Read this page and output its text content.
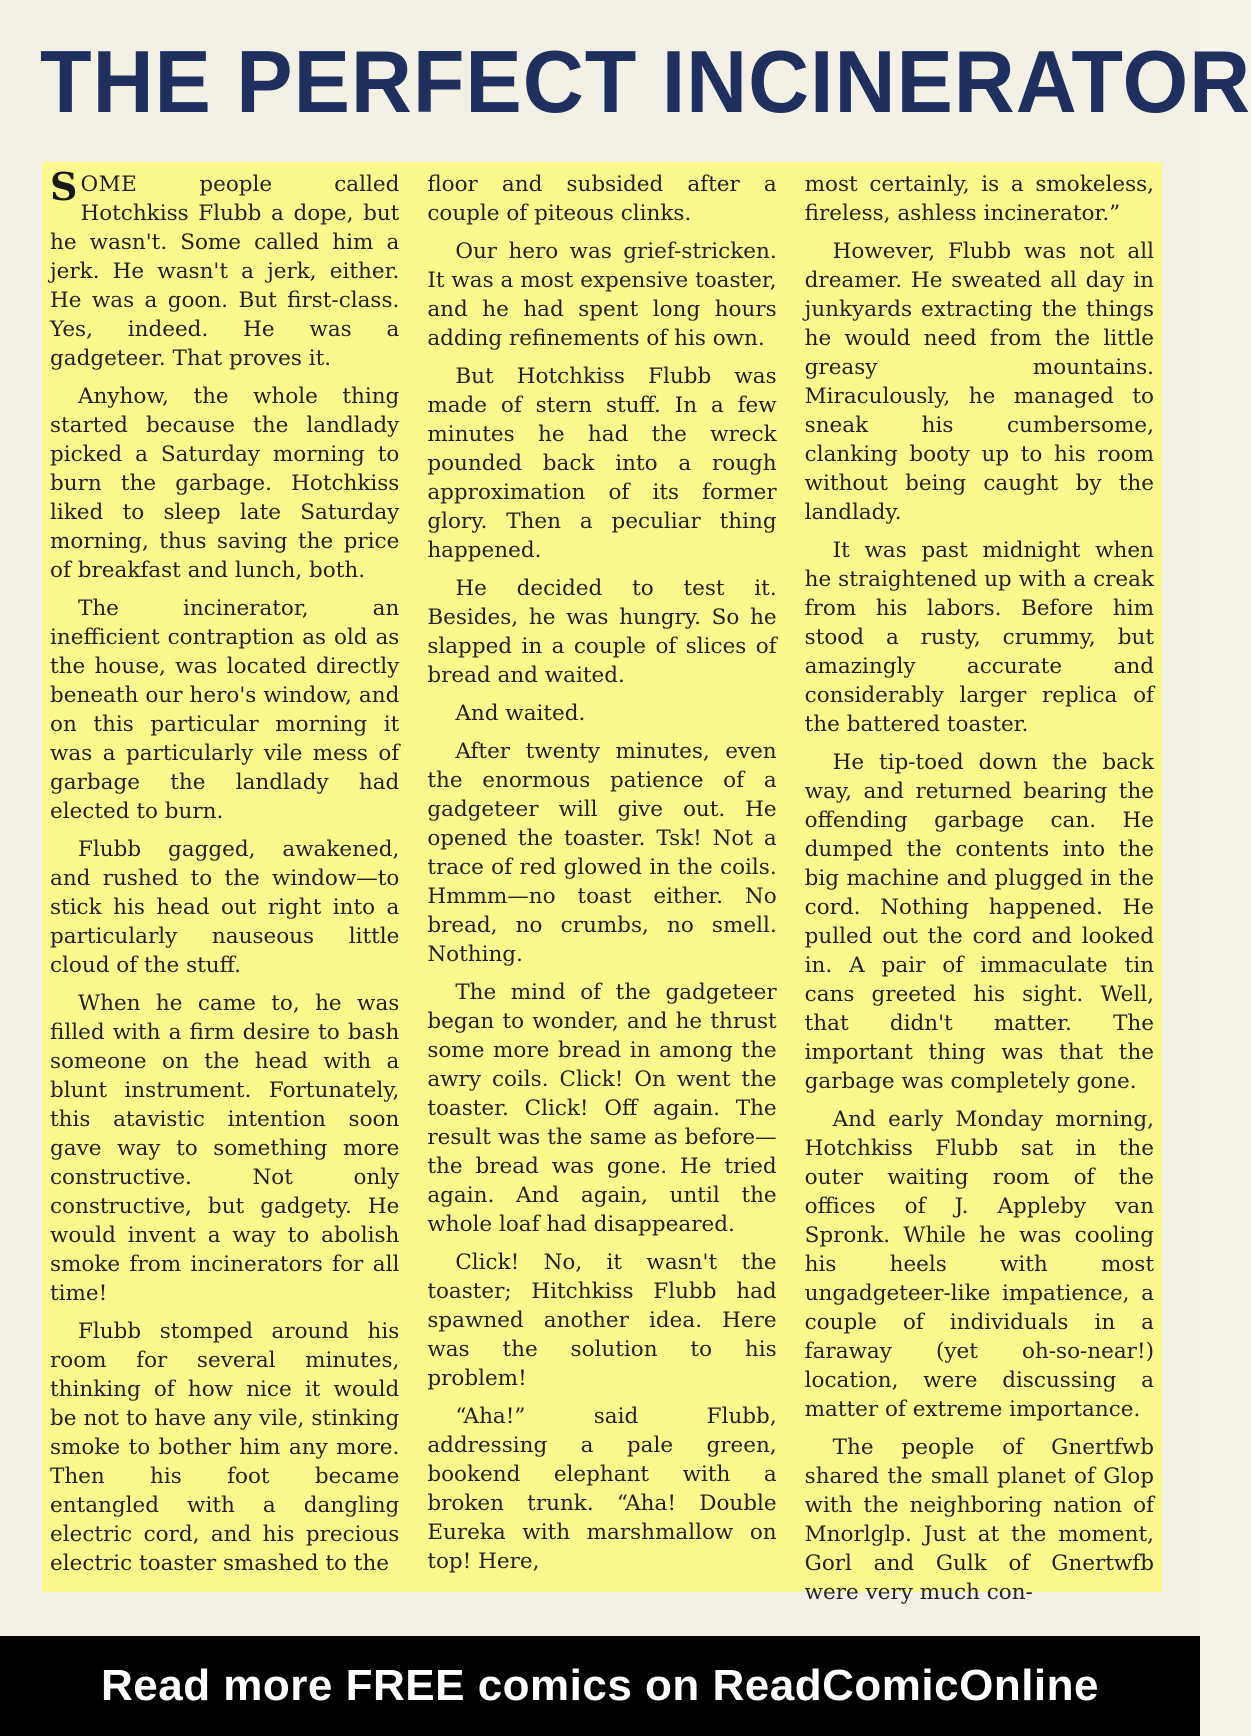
THE PERFECT INCINERATOR

SOME people called Hotchkiss Flubb a dope, but he wasn't. Some called him a jerk. He wasn't a jerk, either. He was a goon. But first-class. Yes, indeed. He was a gadgeteer. That proves it.

Anyhow, the whole thing started because the landlady picked a Saturday morning to burn the garbage. Hotchkiss liked to sleep late Saturday morning, thus saving the price of breakfast and lunch, both.

The incinerator, an inefficient contraption as old as the house, was located directly beneath our hero's window, and on this particular morning it was a particularly vile mess of garbage the landlady had elected to burn.

Flubb gagged, awakened, and rushed to the window—to stick his head out right into a particularly nauseous little cloud of the stuff.

When he came to, he was filled with a firm desire to bash someone on the head with a blunt instrument. Fortunately, this atavistic intention soon gave way to something more constructive. Not only constructive, but gadgety. He would invent a way to abolish smoke from incinerators for all time!

Flubb stomped around his room for several minutes, thinking of how nice it would be not to have any vile, stinking smoke to bother him any more. Then his foot became entangled with a dangling electric cord, and his precious electric toaster smashed to the

floor and subsided after a couple of piteous clinks.

Our hero was grief-stricken. It was a most expensive toaster, and he had spent long hours adding refinements of his own.

But Hotchkiss Flubb was made of stern stuff. In a few minutes he had the wreck pounded back into a rough approximation of its former glory. Then a peculiar thing happened.

He decided to test it. Besides, he was hungry. So he slapped in a couple of slices of bread and waited.

And waited.

After twenty minutes, even the enormous patience of a gadgeteer will give out. He opened the toaster. Tsk! Not a trace of red glowed in the coils. Hmmm—no toast either. No bread, no crumbs, no smell. Nothing.

The mind of the gadgeteer began to wonder, and he thrust some more bread in among the awry coils. Click! On went the toaster. Click! Off again. The result was the same as before—the bread was gone. He tried again. And again, until the whole loaf had disappeared.

Click! No, it wasn't the toaster; Hitchkiss Flubb had spawned another idea. Here was the solution to his problem!

“Aha!” said Flubb, addressing a pale green, bookend elephant with a broken trunk. “Aha! Double Eureka with marshmallow on top! Here,

most certainly, is a smokeless, fireless, ashless incinerator.”

However, Flubb was not all dreamer. He sweated all day in junkyards extracting the things he would need from the little greasy mountains. Miraculously, he managed to sneak his cumbersome, clanking booty up to his room without being caught by the landlady.

It was past midnight when he straightened up with a creak from his labors. Before him stood a rusty, crummy, but amazingly accurate and considerably larger replica of the battered toaster.

He tip-toed down the back way, and returned bearing the offending garbage can. He dumped the contents into the big machine and plugged in the cord. Nothing happened. He pulled out the cord and looked in. A pair of immaculate tin cans greeted his sight. Well, that didn't matter. The important thing was that the garbage was completely gone.

And early Monday morning, Hotchkiss Flubb sat in the outer waiting room of the offices of J. Appleby van Spronk. While he was cooling his heels with most ungadgeteer-like impatience, a couple of individuals in a faraway (yet oh-so-near!) location, were discussing a matter of extreme importance.

The people of Gnertfwb shared the small planet of Glop with the neighboring nation of Mnorlglp. Just at the moment, Gorl and Gulk of Gnertwfb were very much con-

Read more FREE comics on ReadComicOnline
